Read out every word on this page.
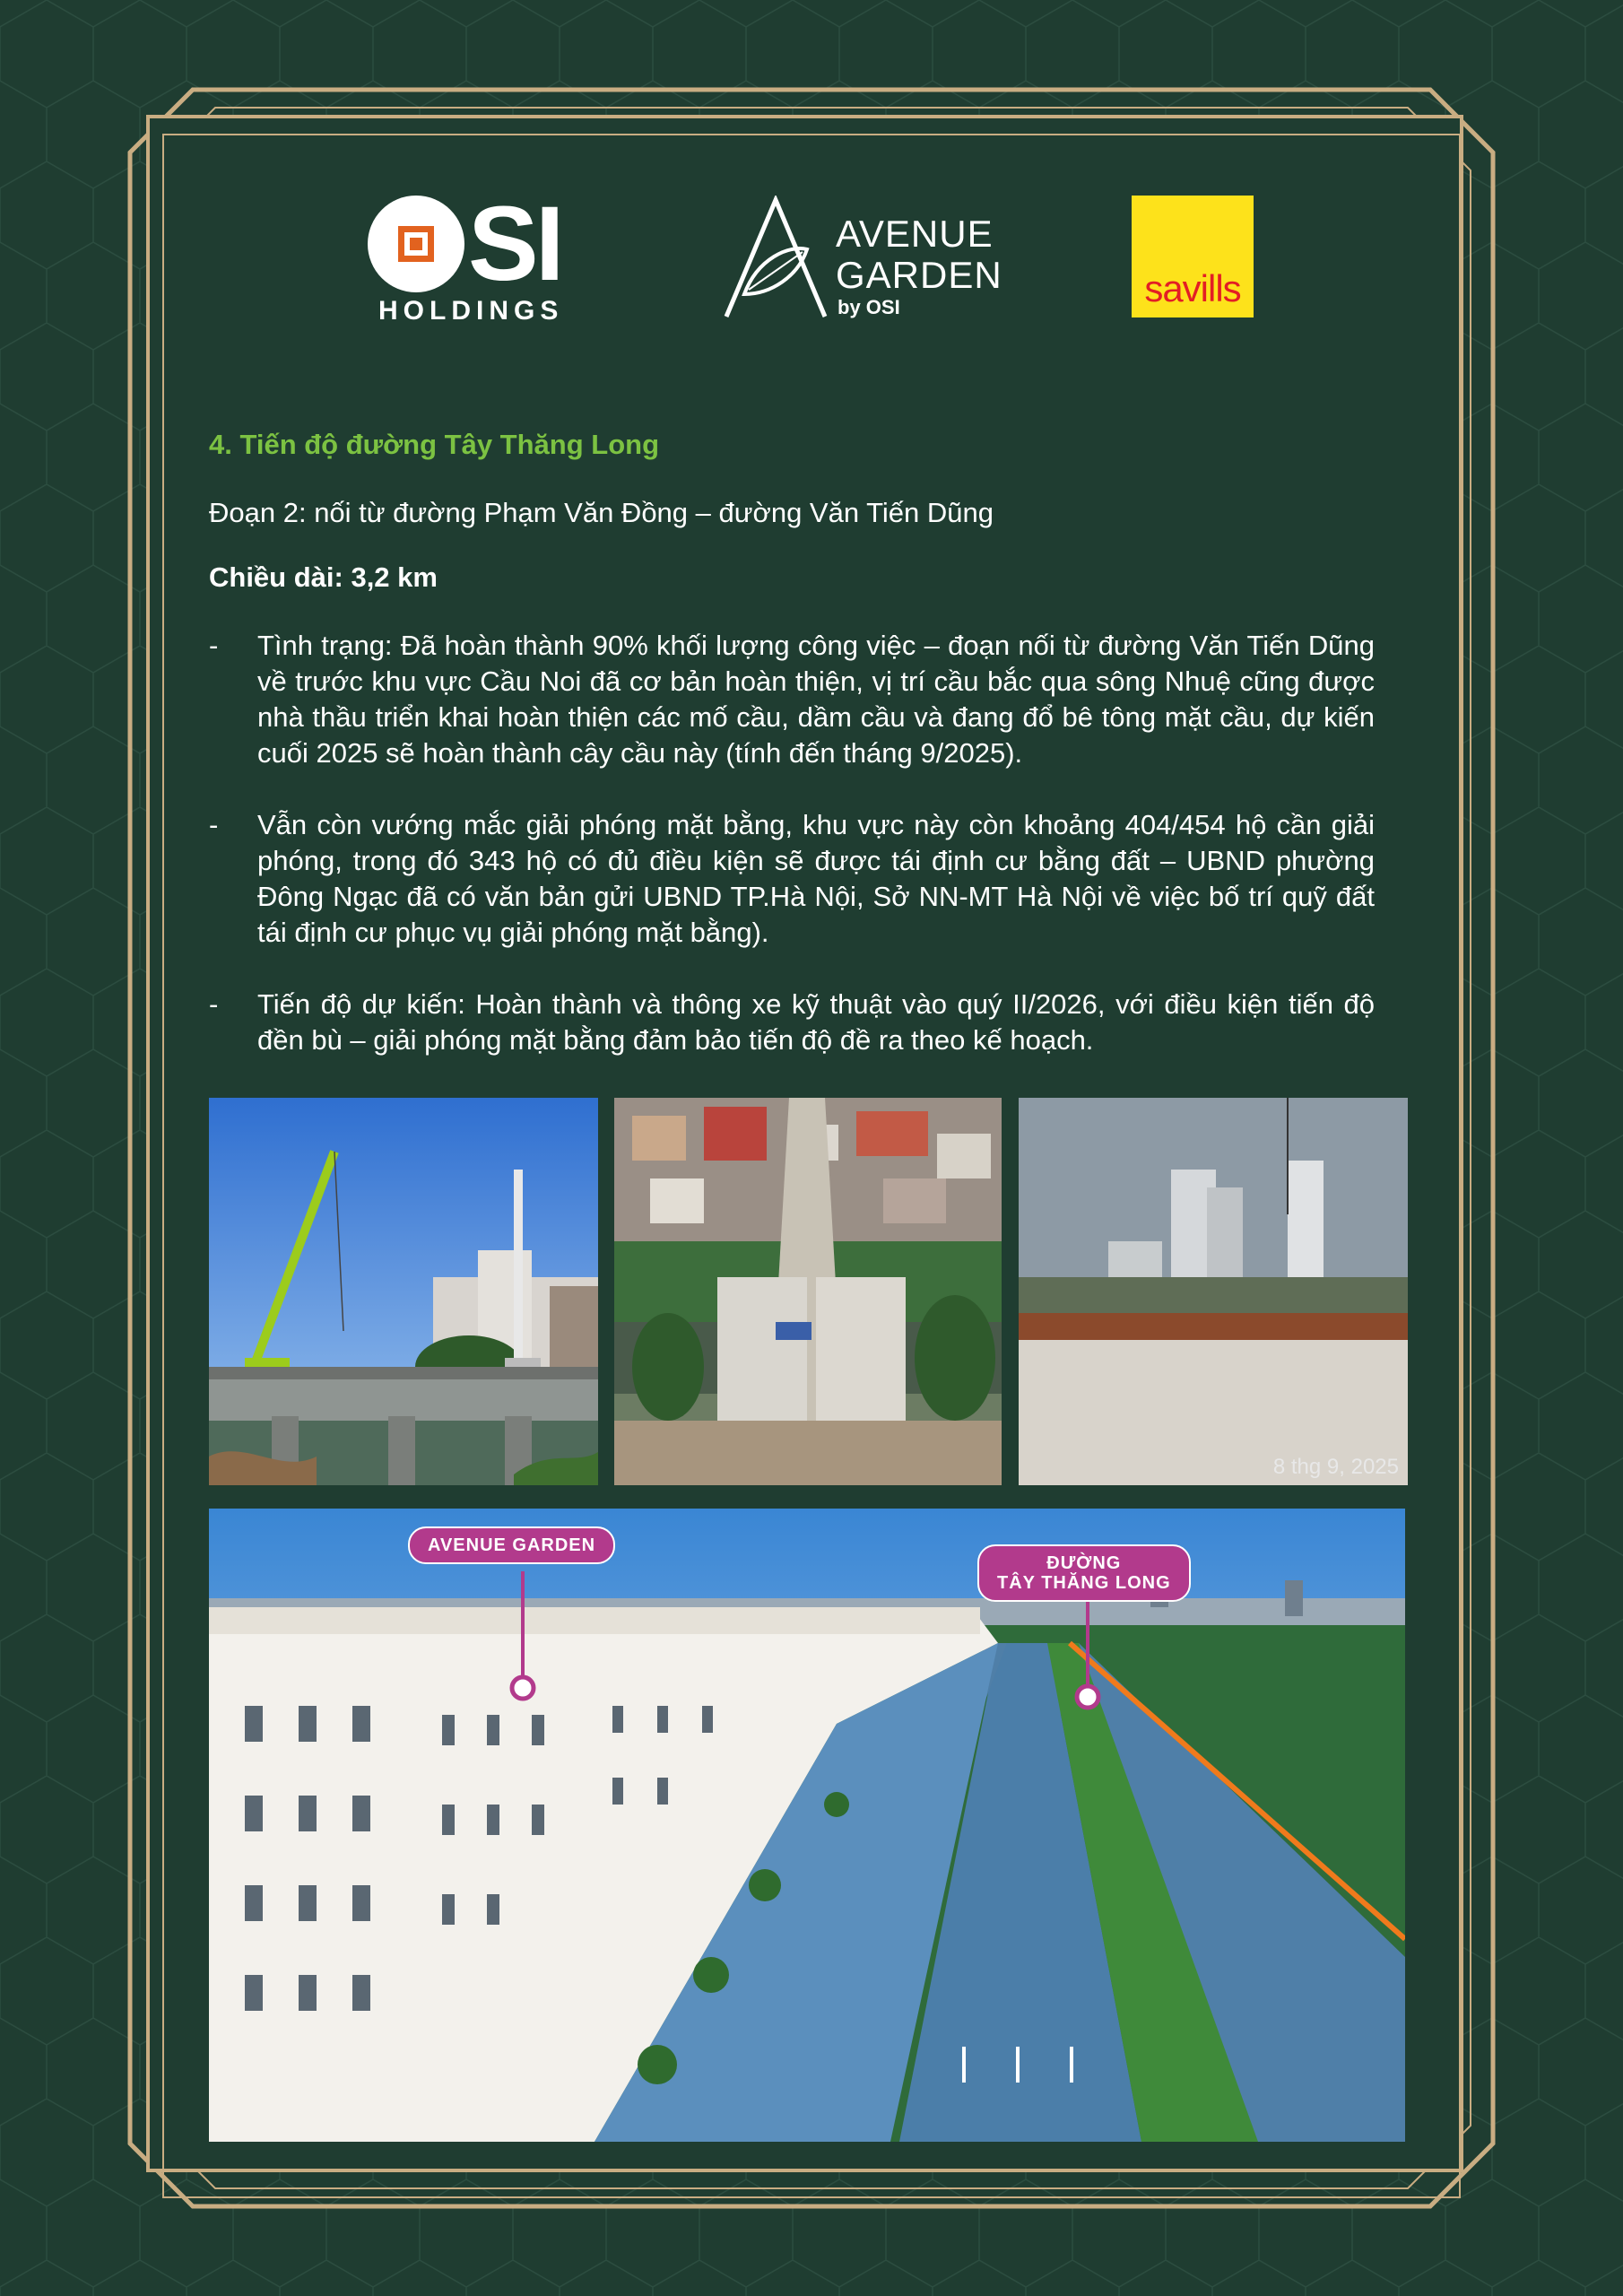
SI
HOLDINGS
AVENUE
GARDEN
by OSI	savills

4. Tiến độ đường Tây Thăng Long

Đoạn 2: nối từ đường Phạm Văn Đồng – đường Văn Tiến Dũng

Chiều dài: 3,2 km

- Tình trạng: Đã hoàn thành 90% khối lượng công việc – đoạn nối từ đường Văn Tiến Dũng về trước khu vực Cầu Noi đã cơ bản hoàn thiện, vị trí cầu bắc qua sông Nhuệ cũng được nhà thầu triển khai hoàn thiện các mố cầu, dầm cầu và đang đổ bê tông mặt cầu, dự kiến cuối 2025 sẽ hoàn thành cây cầu này (tính đến tháng 9/2025).
- Vẫn còn vướng mắc giải phóng mặt bằng, khu vực này còn khoảng 404/454 hộ cần giải phóng, trong đó 343 hộ có đủ điều kiện sẽ được tái định cư bằng đất – UBND phường Đông Ngạc đã có văn bản gửi UBND TP.Hà Nội, Sở NN-MT Hà Nội về việc bố trí quỹ đất tái định cư phục vụ giải phóng mặt bằng).
- Tiến độ dự kiến: Hoàn thành và thông xe kỹ thuật vào quý II/2026, với điều kiện tiến độ đền bù – giải phóng mặt bằng đảm bảo tiến độ đề ra theo kế hoạch.
8 thg 9, 2025
AVENUE GARDEN
ĐƯỜNG
TÂY THĂNG LONG
